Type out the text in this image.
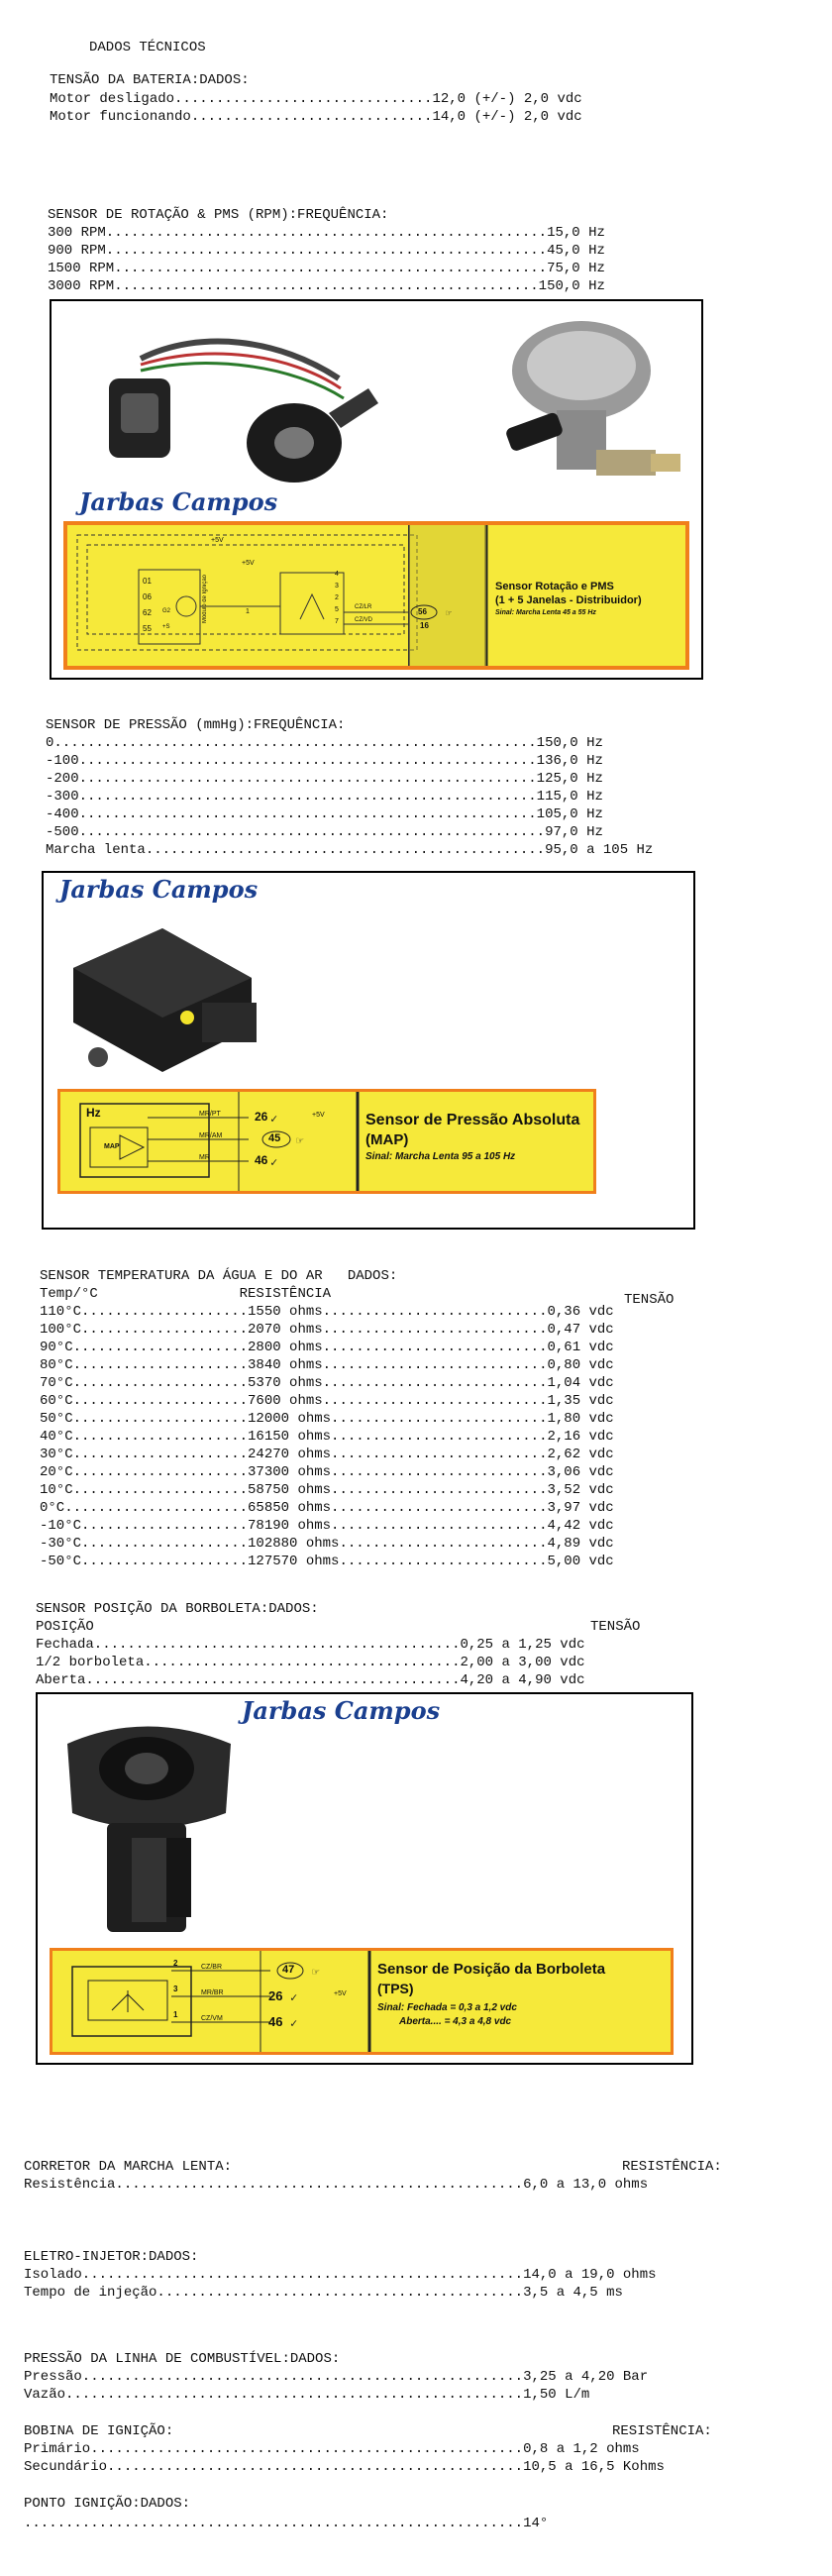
DADOS TÉCNICOS
TENSÃO DA BATERIA:DADOS:
Motor desligado...............................12,0 (+/-) 2,0 vdc
Motor funcionando.............................14,0 (+/-) 2,0 vdc
SENSOR DE ROTAÇÃO & PMS (RPM):FREQUÊNCIA:
300 RPM.....................................................15,0 Hz
900 RPM.....................................................45,0 Hz
1500 RPM....................................................75,0 Hz
3000 RPM...................................................150,0 Hz
Jarbas Campos
☞
+5V
+5V
01
06
62 G2
55 +S
Módulo de Ignição	1
4
3
2
5
7
CZ/LR
CZ/VD
56
16
Sensor Rotação e PMS
(1 + 5 Janelas - Distribuidor)
Sinal: Marcha Lenta 45 a 55 Hz
SENSOR DE PRESSÃO (mmHg):FREQUÊNCIA:
0..........................................................150,0 Hz
-100.......................................................136,0 Hz
-200.......................................................125,0 Hz
-300.......................................................115,0 Hz
-400.......................................................105,0 Hz
-500........................................................97,0 Hz
Marcha lenta................................................95,0 a 105 Hz
Jarbas Campos
✓
✓
☞
Hz
MAP
MR/PT
MR/AM
MR
26
45
46
+5V	Sensor de Pressão Absoluta
(MAP)
Sinal: Marcha Lenta 95 a 105 Hz
SENSOR TEMPERATURA DA ÁGUA E DO AR   DADOS:
Temp/°C                 RESISTÊNCIA	TENSÃO
110°C....................1550 ohms...........................0,36 vdc
100°C....................2070 ohms...........................0,47 vdc
90°C.....................2800 ohms...........................0,61 vdc
80°C.....................3840 ohms...........................0,80 vdc
70°C.....................5370 ohms...........................1,04 vdc
60°C.....................7600 ohms...........................1,35 vdc
50°C.....................12000 ohms..........................1,80 vdc
40°C.....................16150 ohms..........................2,16 vdc
30°C.....................24270 ohms..........................2,62 vdc
20°C.....................37300 ohms..........................3,06 vdc
10°C.....................58750 ohms..........................3,52 vdc
0°C......................65850 ohms..........................3,97 vdc
-10°C....................78190 ohms..........................4,42 vdc
-30°C....................102880 ohms.........................4,89 vdc
-50°C....................127570 ohms.........................5,00 vdc
SENSOR POSIÇÃO DA BORBOLETA:DADOS:
POSIÇÃO	TENSÃO
Fechada............................................0,25 a 1,25 vdc
1/2 borboleta......................................2,00 a 3,00 vdc
Aberta.............................................4,20 a 4,90 vdc
Jarbas Campos
✓
✓
☞
2
3
1
CZ/BR
MR/BR
CZ/VM
47
26
46
+5V
Sensor de Posição da Borboleta
(TPS)
Sinal: Fechada = 0,3 a 1,2 vdc
Aberta.... = 4,3 a 4,8 vdc
CORRETOR DA MARCHA LENTA:	RESISTÊNCIA:
Resistência.................................................6,0 a 13,0 ohms
ELETRO-INJETOR:DADOS:
Isolado.....................................................14,0 a 19,0 ohms
Tempo de injeção............................................3,5 a 4,5 ms
PRESSÃO DA LINHA DE COMBUSTÍVEL:DADOS:
Pressão.....................................................3,25 a 4,20 Bar
Vazão.......................................................1,50 L/m
BOBINA DE IGNIÇÃO:	RESISTÊNCIA:
Primário....................................................0,8 a 1,2 ohms
Secundário..................................................10,5 a 16,5 Kohms
PONTO IGNIÇÃO:DADOS:
............................................................14°
